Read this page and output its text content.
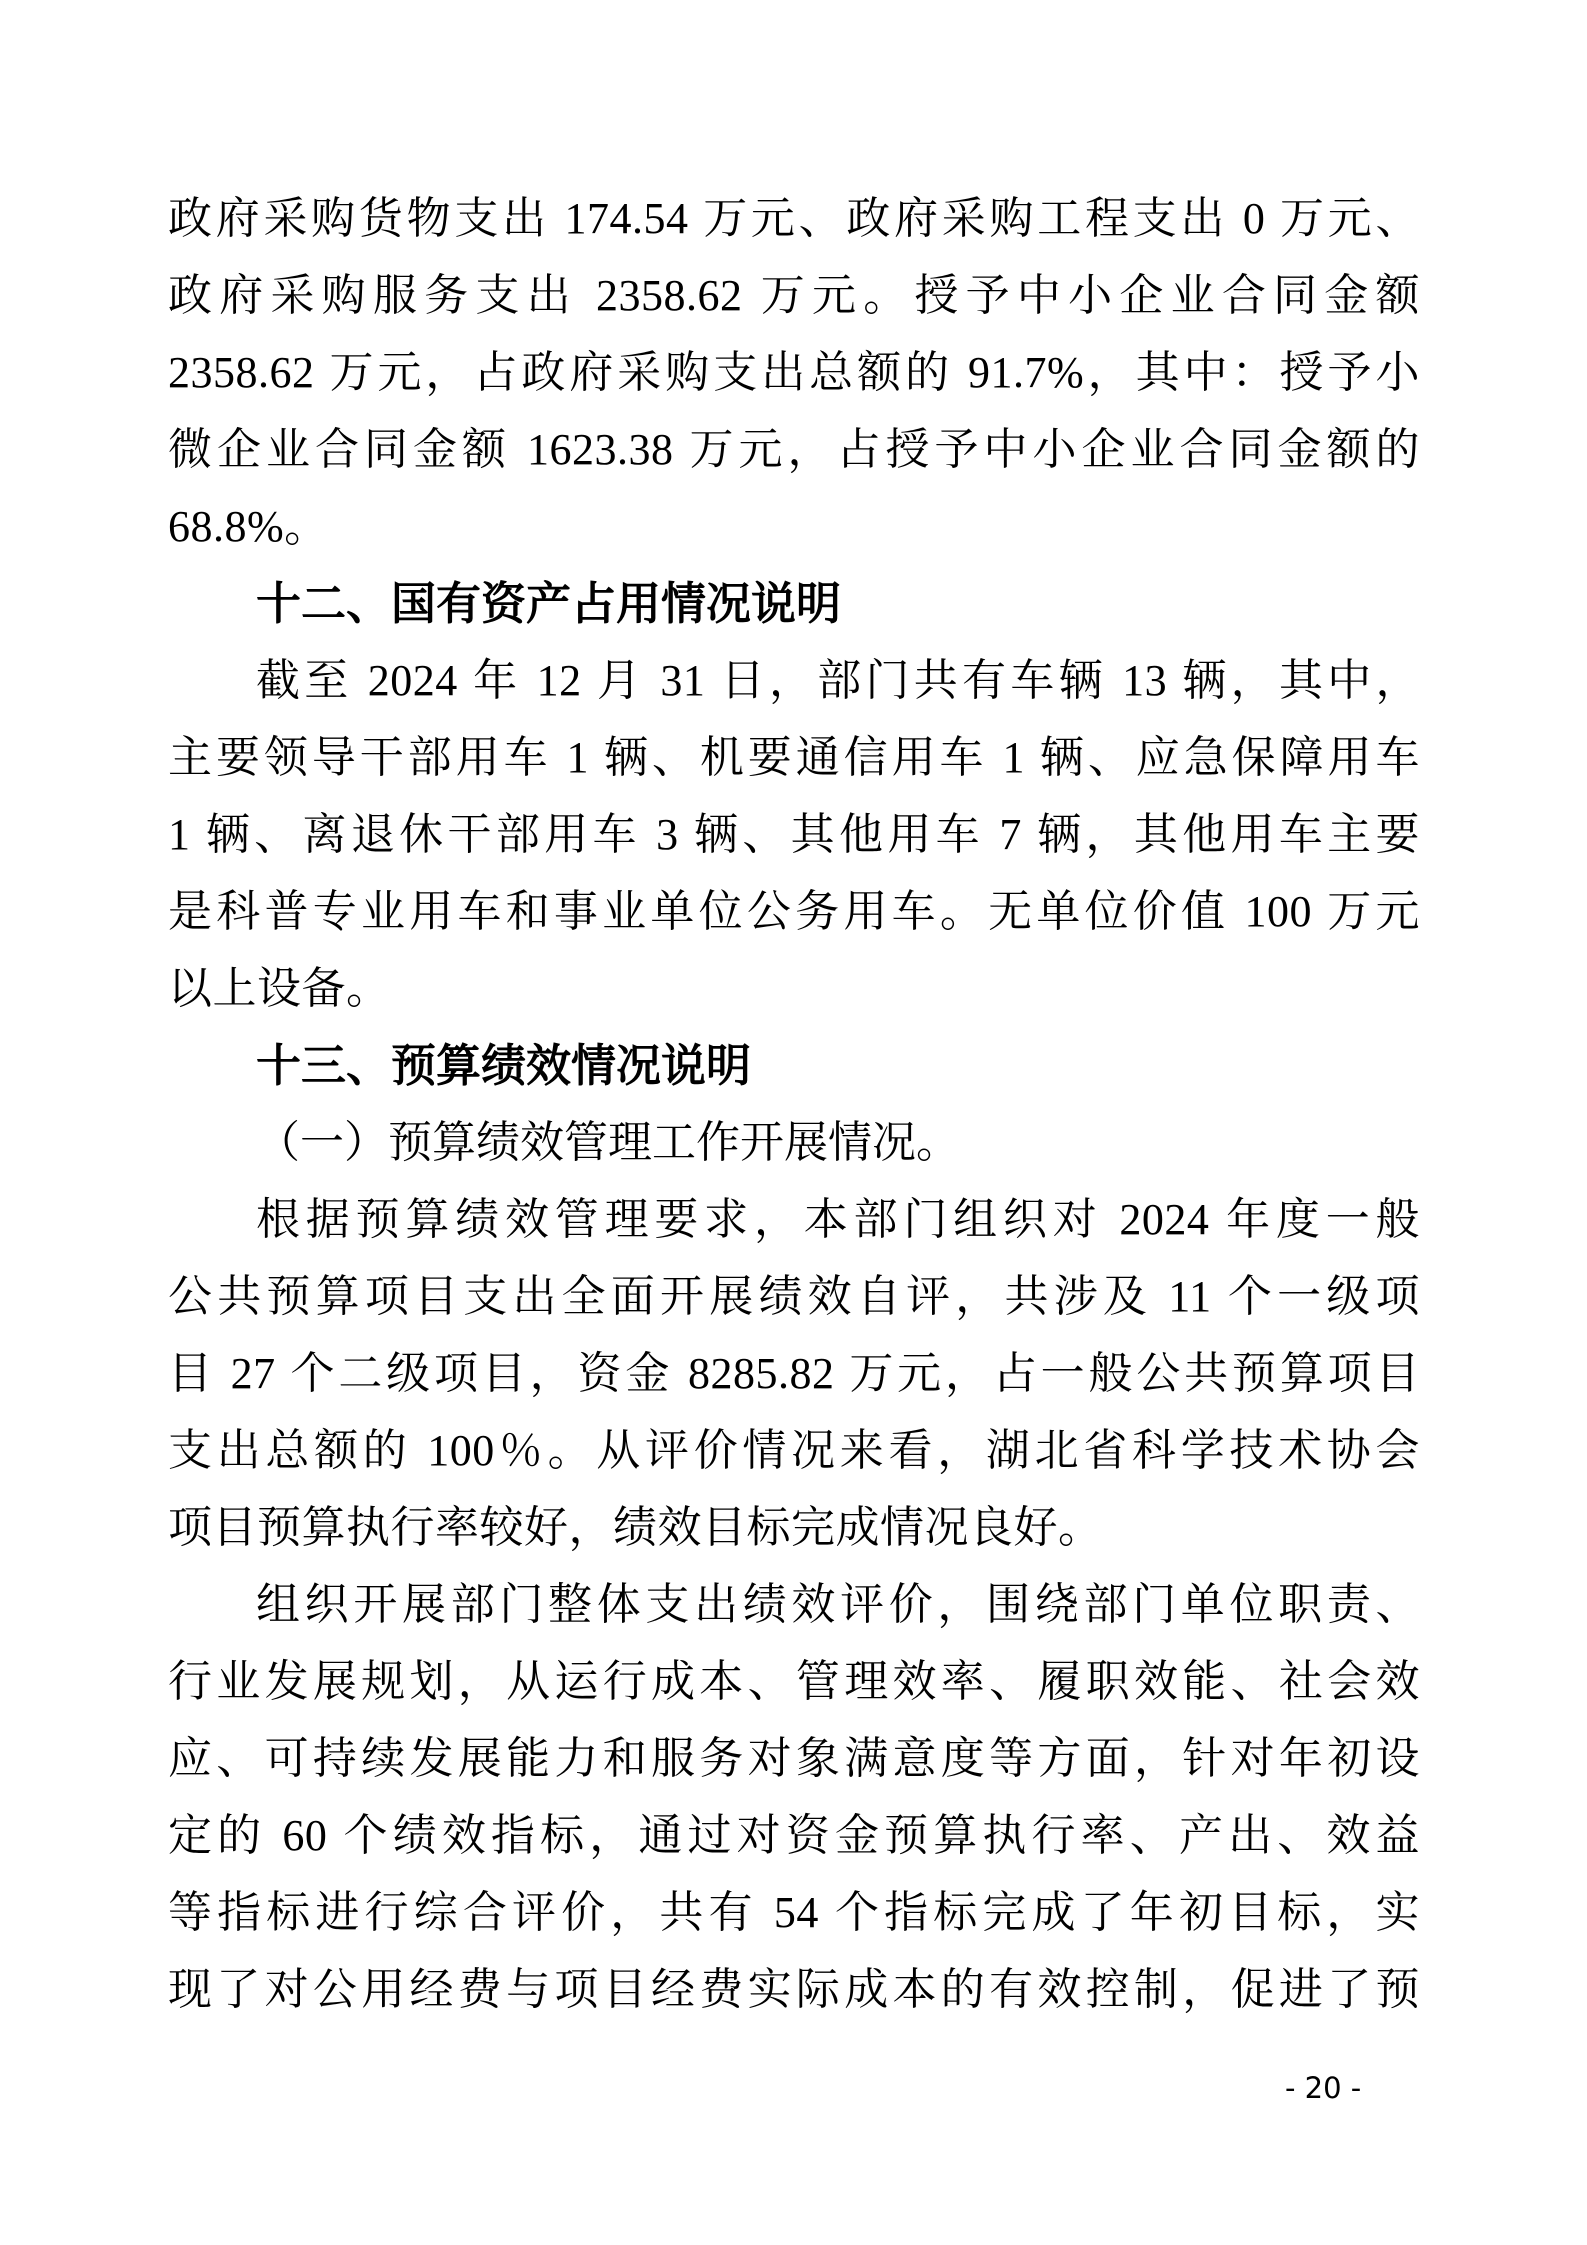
政府采购货物支出 174.54 万元、政府采购工程支出 0 万元、
政府采购服务支出 2358.62 万元。授予中小企业合同金额
2358.62 万元，占政府采购支出总额的 91.7%，其中：授予小
微企业合同金额 1623.38 万元，占授予中小企业合同金额的
68.8%。
十二、国有资产占用情况说明
截至 2024 年 12 月 31 日，部门共有车辆 13 辆，其中，
主要领导干部用车 1 辆、机要通信用车 1 辆、应急保障用车
1 辆、离退休干部用车 3 辆、其他用车 7 辆，其他用车主要
是科普专业用车和事业单位公务用车。无单位价值 100 万元
以上设备。
十三、预算绩效情况说明
（一）预算绩效管理工作开展情况。
根据预算绩效管理要求，本部门组织对 2024 年度一般
公共预算项目支出全面开展绩效自评，共涉及 11 个一级项
目 27 个二级项目，资金 8285.82 万元，占一般公共预算项目
支出总额的 100％。从评价情况来看，湖北省科学技术协会
项目预算执行率较好，绩效目标完成情况良好。
组织开展部门整体支出绩效评价，围绕部门单位职责、
行业发展规划，从运行成本、管理效率、履职效能、社会效
应、可持续发展能力和服务对象满意度等方面，针对年初设
定的 60 个绩效指标，通过对资金预算执行率、产出、效益
等指标进行综合评价，共有 54 个指标完成了年初目标，实
现了对公用经费与项目经费实际成本的有效控制，促进了预
- 20 -
